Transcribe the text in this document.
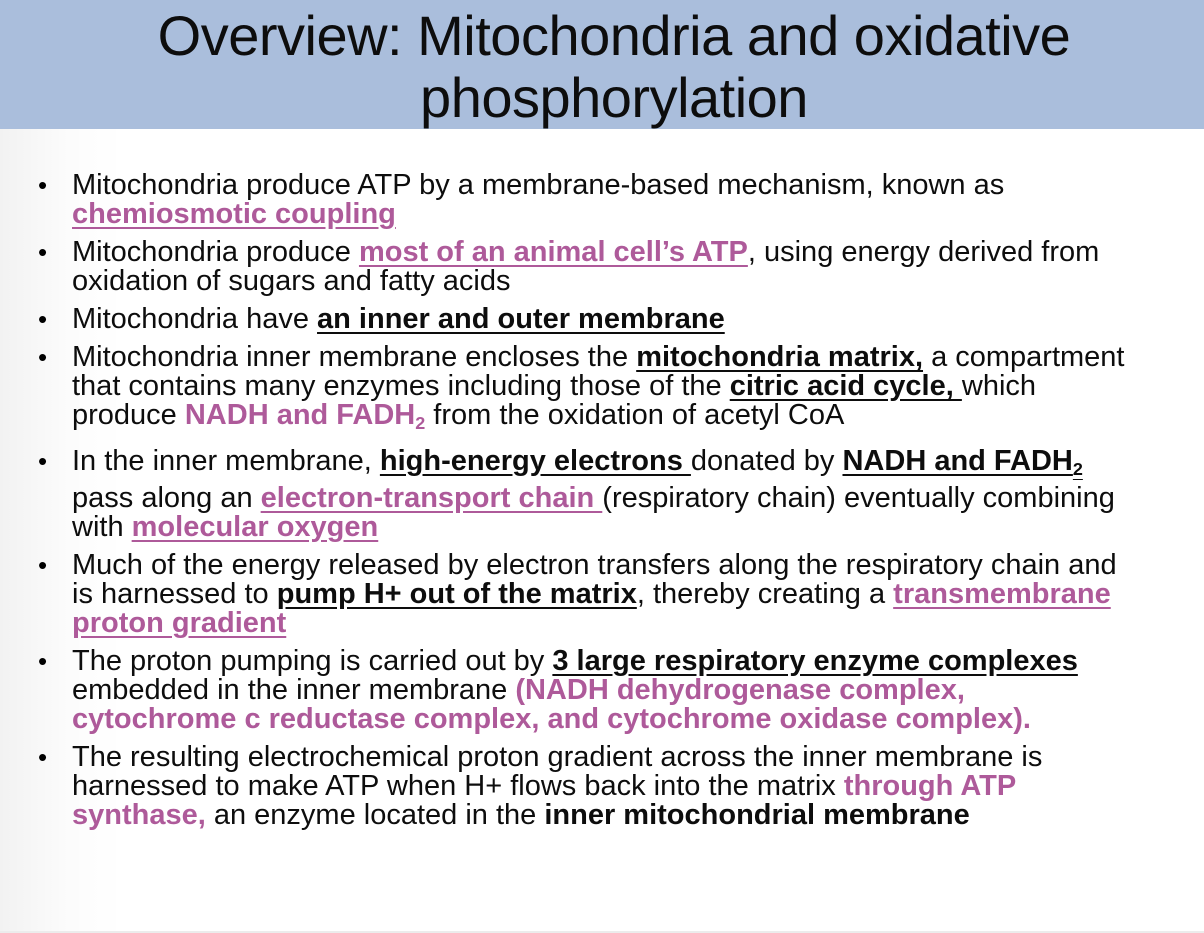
Overview: Mitochondria and oxidative phosphorylation
• Mitochondria produce ATP by a membrane-based mechanism, known as
chemiosmotic coupling
• Mitochondria produce most of an animal cell’s ATP, using energy derived from
oxidation of sugars and fatty acids
• Mitochondria have an inner and outer membrane
• Mitochondria inner membrane encloses the mitochondria matrix, a compartment
that contains many enzymes including those of the citric acid cycle, which
produce NADH and $FADH_2$ from the oxidation of acetyl CoA
• In the inner membrane, high-energy electrons donated by NADH and $FADH_2$
pass along an electron-transport chain (respiratory chain) eventually combining
with molecular oxygen
• Much of the energy released by electron transfers along the respiratory chain and
is harnessed to pump H+ out of the matrix, thereby creating a transmembrane
proton gradient
• The proton pumping is carried out by 3 large respiratory enzyme complexes
embedded in the inner membrane (NADH dehydrogenase complex,
cytochrome c reductase complex, and cytochrome oxidase complex).
• The resulting electrochemical proton gradient across the inner membrane is
harnessed to make ATP when H+ flows back into the matrix through ATP
synthase, an enzyme located in the inner mitochondrial membrane
